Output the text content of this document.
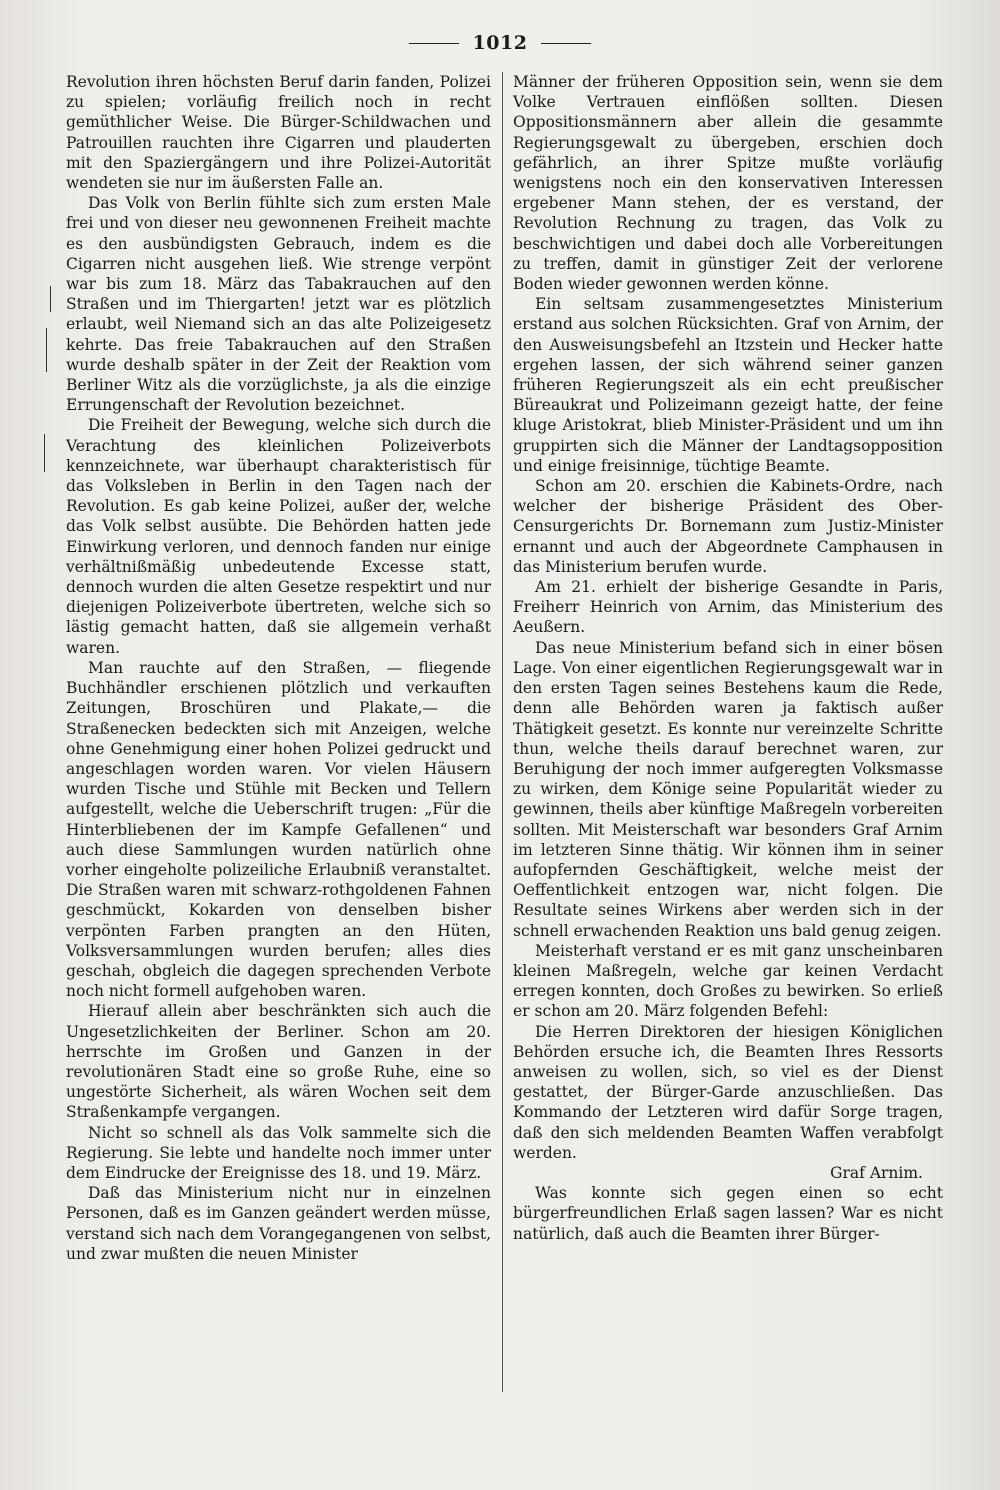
1012

Revolution ihren höchsten Beruf darin fanden, Polizei zu spielen; vorläufig freilich noch in recht gemüthlicher Weise. Die Bürger-Schildwachen und Patrouillen rauchten ihre Cigarren und plauderten mit den Spaziergängern und ihre Polizei-Autorität wendeten sie nur im äußersten Falle an.

Das Volk von Berlin fühlte sich zum ersten Male frei und von dieser neu gewonnenen Freiheit machte es den ausbündigsten Gebrauch, indem es die Cigarren nicht ausgehen ließ. Wie strenge verpönt war bis zum 18. März das Tabakrauchen auf den Straßen und im Thiergarten! jetzt war es plötzlich erlaubt, weil Niemand sich an das alte Polizeigesetz kehrte. Das freie Tabakrauchen auf den Straßen wurde deshalb später in der Zeit der Reaktion vom Berliner Witz als die vorzüglichste, ja als die einzige Errungenschaft der Revolution bezeichnet.

Die Freiheit der Bewegung, welche sich durch die Verachtung des kleinlichen Polizeiverbots kennzeichnete, war überhaupt charakteristisch für das Volksleben in Berlin in den Tagen nach der Revolution. Es gab keine Polizei, außer der, welche das Volk selbst ausübte. Die Behörden hatten jede Einwirkung verloren, und dennoch fanden nur einige verhältnißmäßig unbedeutende Excesse statt, dennoch wurden die alten Gesetze respektirt und nur diejenigen Polizeiverbote übertreten, welche sich so lästig gemacht hatten, daß sie allgemein verhaßt waren.

Man rauchte auf den Straßen, — fliegende Buchhändler erschienen plötzlich und verkauften Zeitungen, Broschüren und Plakate,— die Straßenecken bedeckten sich mit Anzeigen, welche ohne Genehmigung einer hohen Polizei gedruckt und angeschlagen worden waren. Vor vielen Häusern wurden Tische und Stühle mit Becken und Tellern aufgestellt, welche die Ueberschrift trugen: „Für die Hinterbliebenen der im Kampfe Gefallenen“ und auch diese Sammlungen wurden natürlich ohne vorher eingeholte polizeiliche Erlaubniß veranstaltet. Die Straßen waren mit schwarz-rothgoldenen Fahnen geschmückt, Kokarden von denselben bisher verpönten Farben prangten an den Hüten, Volksversammlungen wurden berufen; alles dies geschah, obgleich die dagegen sprechenden Verbote noch nicht formell aufgehoben waren.

Hierauf allein aber beschränkten sich auch die Ungesetzlichkeiten der Berliner. Schon am 20. herrschte im Großen und Ganzen in der revolutionären Stadt eine so große Ruhe, eine so ungestörte Sicherheit, als wären Wochen seit dem Straßenkampfe vergangen.

Nicht so schnell als das Volk sammelte sich die Regierung. Sie lebte und handelte noch immer unter dem Eindrucke der Ereignisse des 18. und 19. März.

Daß das Ministerium nicht nur in einzelnen Personen, daß es im Ganzen geändert werden müsse, verstand sich nach dem Vorangegangenen von selbst, und zwar mußten die neuen Minister

Männer der früheren Opposition sein, wenn sie dem Volke Vertrauen einflößen sollten. Diesen Oppositionsmännern aber allein die gesammte Regierungsgewalt zu übergeben, erschien doch gefährlich, an ihrer Spitze mußte vorläufig wenigstens noch ein den konservativen Interessen ergebener Mann stehen, der es verstand, der Revolution Rechnung zu tragen, das Volk zu beschwichtigen und dabei doch alle Vorbereitungen zu treffen, damit in günstiger Zeit der verlorene Boden wieder gewonnen werden könne.

Ein seltsam zusammengesetztes Ministerium erstand aus solchen Rücksichten. Graf von Arnim, der den Ausweisungsbefehl an Itzstein und Hecker hatte ergehen lassen, der sich während seiner ganzen früheren Regierungszeit als ein echt preußischer Büreaukrat und Polizeimann gezeigt hatte, der feine kluge Aristokrat, blieb Minister-Präsident und um ihn gruppirten sich die Männer der Landtagsopposition und einige freisinnige, tüchtige Beamte.

Schon am 20. erschien die Kabinets-Ordre, nach welcher der bisherige Präsident des Ober-Censurgerichts Dr. Bornemann zum Justiz-Minister ernannt und auch der Abgeordnete Camphausen in das Ministerium berufen wurde.

Am 21. erhielt der bisherige Gesandte in Paris, Freiherr Heinrich von Arnim, das Ministerium des Aeußern.

Das neue Ministerium befand sich in einer bösen Lage. Von einer eigentlichen Regierungsgewalt war in den ersten Tagen seines Bestehens kaum die Rede, denn alle Behörden waren ja faktisch außer Thätigkeit gesetzt. Es konnte nur vereinzelte Schritte thun, welche theils darauf berechnet waren, zur Beruhigung der noch immer aufgeregten Volksmasse zu wirken, dem Könige seine Popularität wieder zu gewinnen, theils aber künftige Maßregeln vorbereiten sollten. Mit Meisterschaft war besonders Graf Arnim im letzteren Sinne thätig. Wir können ihm in seiner aufopfernden Geschäftigkeit, welche meist der Oeffentlichkeit entzogen war, nicht folgen. Die Resultate seines Wirkens aber werden sich in der schnell erwachenden Reaktion uns bald genug zeigen.

Meisterhaft verstand er es mit ganz unscheinbaren kleinen Maßregeln, welche gar keinen Verdacht erregen konnten, doch Großes zu bewirken. So erließ er schon am 20. März folgenden Befehl:

Die Herren Direktoren der hiesigen Königlichen Behörden ersuche ich, die Beamten Ihres Ressorts anweisen zu wollen, sich, so viel es der Dienst gestattet, der Bürger-Garde anzuschließen. Das Kommando der Letzteren wird dafür Sorge tragen, daß den sich meldenden Beamten Waffen verabfolgt werden.

Graf Arnim.

Was konnte sich gegen einen so echt bürgerfreundlichen Erlaß sagen lassen? War es nicht natürlich, daß auch die Beamten ihrer Bürger-
